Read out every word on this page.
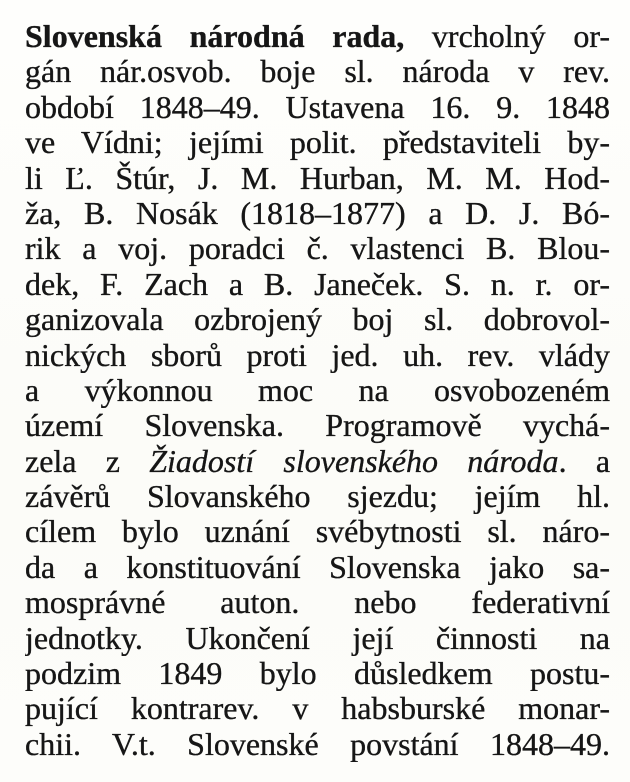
Slovenská národná rada, vrcholný or-
gán nár.osvob. boje sl. národa v rev.
období 1848–49. Ustavena 16. 9. 1848
ve Vídni; jejími polit. představiteli by-
li Ľ. Štúr, J. M. Hurban, M. M. Hod-
ža, B. Nosák (1818–1877) a D. J. Bó-
rik a voj. poradci č. vlastenci B. Blou-
dek, F. Zach a B. Janeček. S. n. r. or-
ganizovala ozbrojený boj sl. dobrovol-
nických sborů proti jed. uh. rev. vlády
a výkonnou moc na osvobozeném
území Slovenska. Programově vychá-
zela z Žiadostí slovenského národa. a
závěrů Slovanského sjezdu; jejím hl.
cílem bylo uznání svébytnosti sl. náro-
da a konstituování Slovenska jako sa-
mosprávné auton. nebo federativní
jednotky. Ukončení její činnosti na
podzim 1849 bylo důsledkem postu-
pující kontrarev. v habsburské monar-
chii. V.t. Slovenské povstání 1848–49.
